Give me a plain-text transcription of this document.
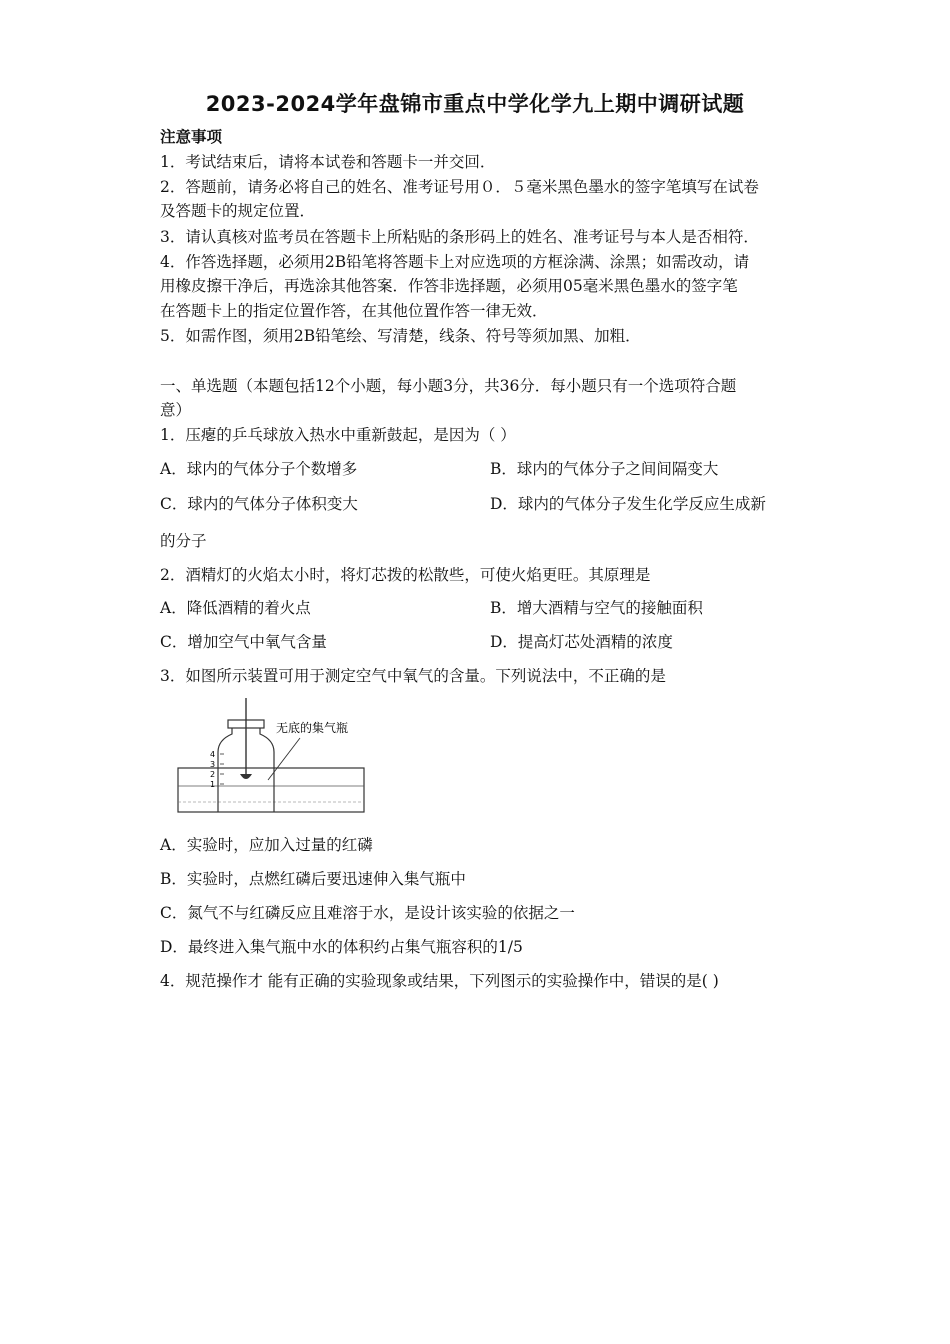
2023-2024学年盘锦市重点中学化学九上期中调研试题
注意事项
1．考试结束后，请将本试卷和答题卡一并交回．
2．答题前，请务必将自己的姓名、准考证号用０．５毫米黑色墨水的签字笔填写在试卷
及答题卡的规定位置．
3．请认真核对监考员在答题卡上所粘贴的条形码上的姓名、准考证号与本人是否相符．
4．作答选择题，必须用2B铅笔将答题卡上对应选项的方框涂满、涂黑；如需改动，请
用橡皮擦干净后，再选涂其他答案．作答非选择题，必须用05毫米黑色墨水的签字笔
在答题卡上的指定位置作答，在其他位置作答一律无效．
5．如需作图，须用2B铅笔绘、写清楚，线条、符号等须加黑、加粗．
一、单选题（本题包括12个小题，每小题3分，共36分．每小题只有一个选项符合题
意）
1．压瘪的乒乓球放入热水中重新鼓起，是因为（ ）
A．球内的气体分子个数增多	B．球内的气体分子之间间隔变大
C．球内的气体分子体积变大	D．球内的气体分子发生化学反应生成新
的分子
2．酒精灯的火焰太小时，将灯芯拨的松散些，可使火焰更旺。其原理是
A．降低酒精的着火点	B．增大酒精与空气的接触面积
C．增加空气中氧气含量	D．提高灯芯处酒精的浓度
3．如图所示装置可用于测定空气中氧气的含量。下列说法中，不正确的是
4
3
2
1
无底的集气瓶
A．实验时，应加入过量的红磷
B．实验时，点燃红磷后要迅速伸入集气瓶中
C．氮气不与红磷反应且难溶于水，是设计该实验的依据之一
D．最终进入集气瓶中水的体积约占集气瓶容积的1/5
4．规范操作才 能有正确的实验现象或结果，下列图示的实验操作中，错误的是( )
